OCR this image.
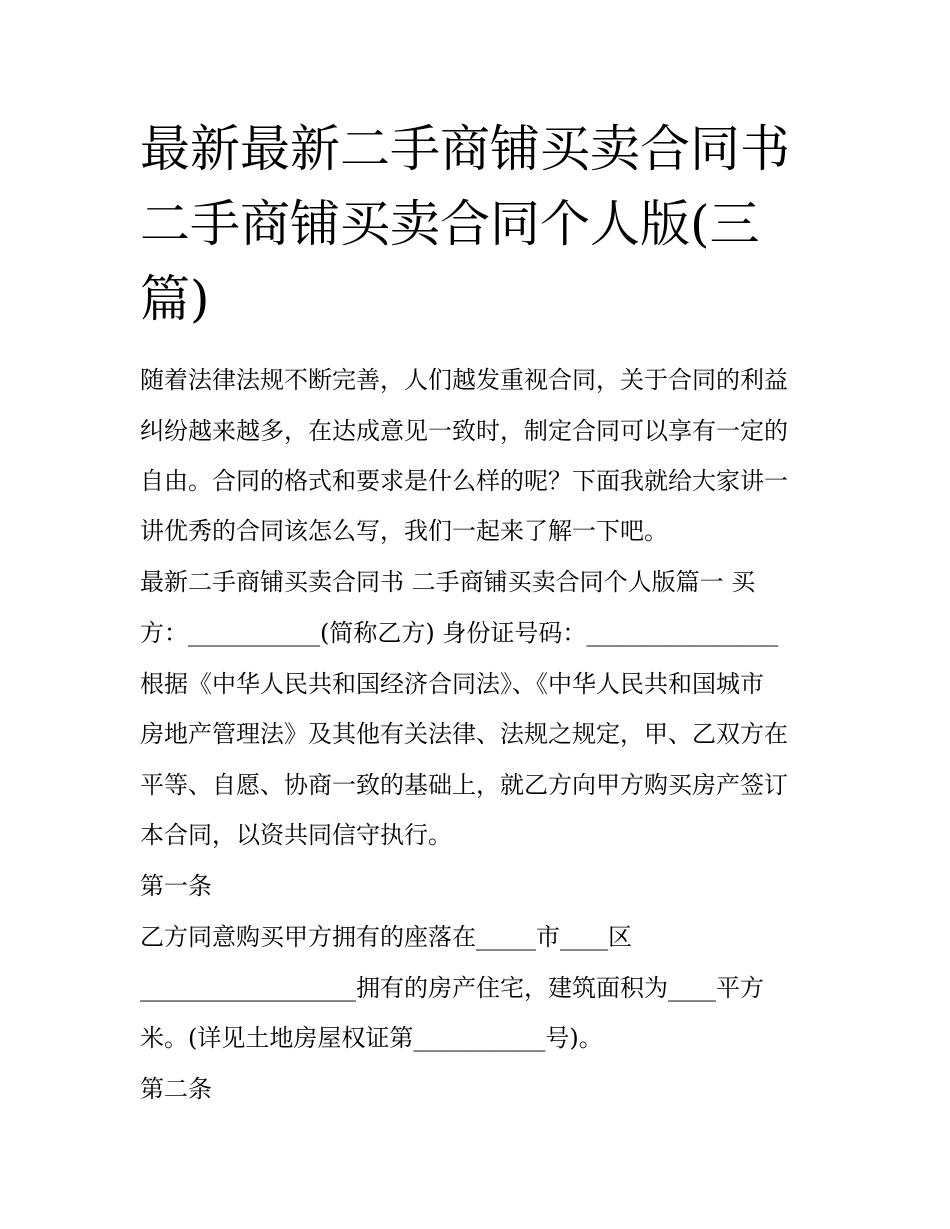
最新最新二手商铺买卖合同书
二手商铺买卖合同个人版(三
篇)
随着法律法规不断完善，人们越发重视合同，关于合同的利益
纠纷越来越多，在达成意见一致时，制定合同可以享有一定的
自由。合同的格式和要求是什么样的呢？下面我就给大家讲一
讲优秀的合同该怎么写，我们一起来了解一下吧。
最新二手商铺买卖合同书 二手商铺买卖合同个人版篇一 买
方：___________(简称乙方) 身份证号码：________________
根据《中华人民共和国经济合同法》、《中华人民共和国城市
房地产管理法》及其他有关法律、法规之规定，甲、乙双方在
平等、自愿、协商一致的基础上，就乙方向甲方购买房产签订
本合同，以资共同信守执行。
第一条
乙方同意购买甲方拥有的座落在_____市____区
__________________拥有的房产住宅，建筑面积为____平方
米。(详见土地房屋权证第___________号)。
第二条
